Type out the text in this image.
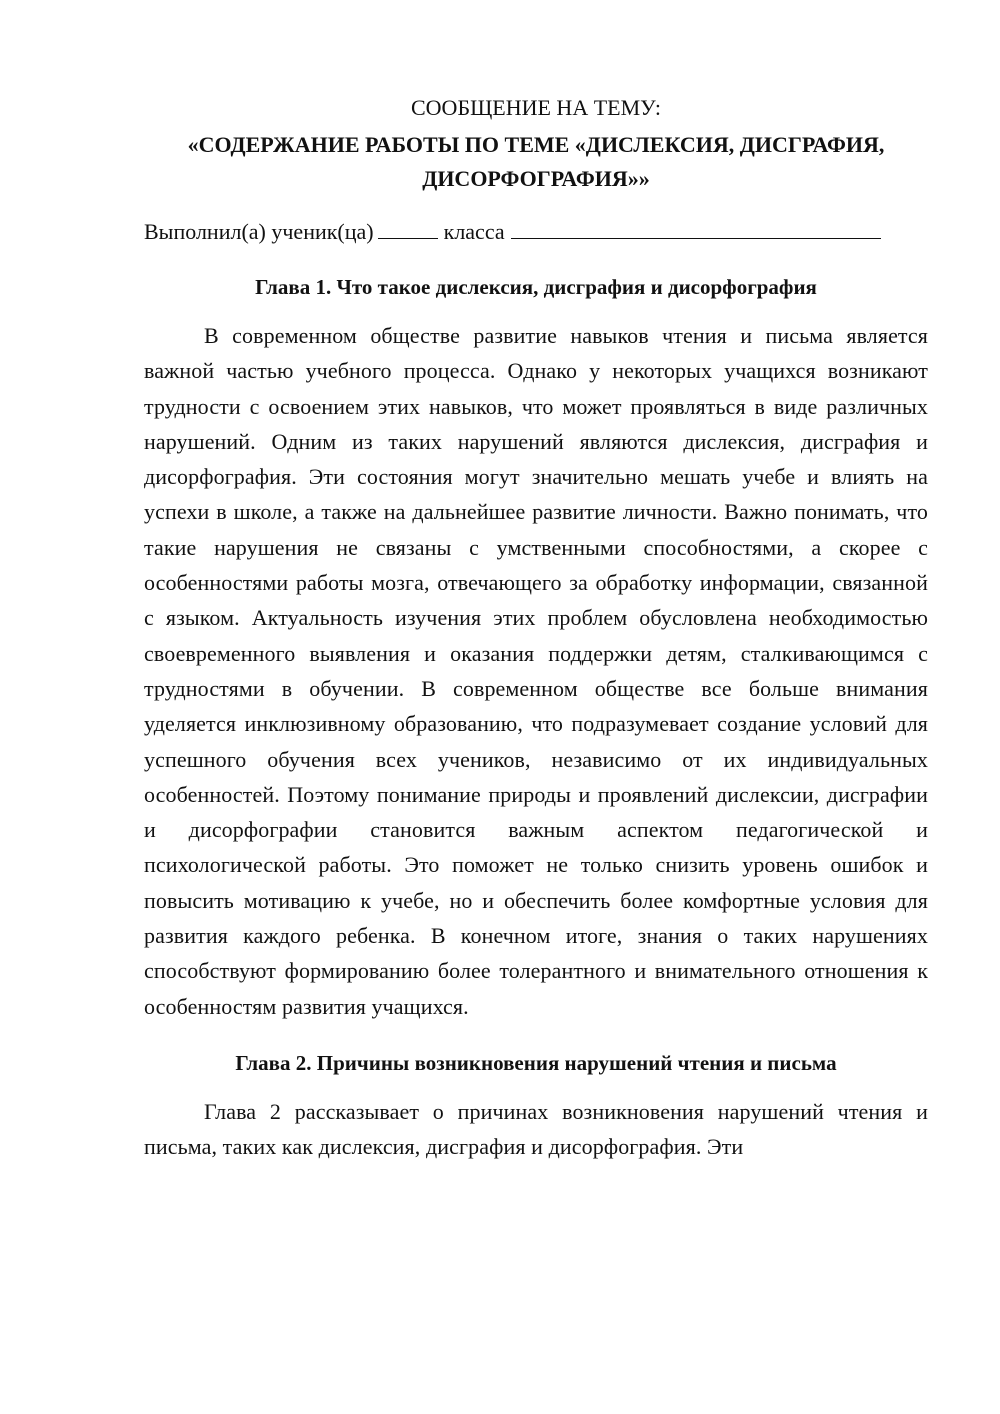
СООБЩЕНИЕ НА ТЕМУ:
«СОДЕРЖАНИЕ РАБОТЫ ПО ТЕМЕ «ДИСЛЕКСИЯ, ДИСГРАФИЯ, ДИСОРФОГРАФИЯ»»
Выполнил(а) ученик(ца)	класса
Глава 1. Что такое дислексия, дисграфия и дисорфография

В современном обществе развитие навыков чтения и письма является важной частью учебного процесса. Однако у некоторых учащихся возникают трудности с освоением этих навыков, что может проявляться в виде различных нарушений. Одним из таких нарушений являются дислексия, дисграфия и дисорфография. Эти состояния могут значительно мешать учебе и влиять на успехи в школе, а также на дальнейшее развитие личности. Важно понимать, что такие нарушения не связаны с умственными способностями, а скорее с особенностями работы мозга, отвечающего за обработку информации, связанной с языком. Актуальность изучения этих проблем обусловлена необходимостью своевременного выявления и оказания поддержки детям, сталкивающимся с трудностями в обучении. В современном обществе все больше внимания уделяется инклюзивному образованию, что подразумевает создание условий для успешного обучения всех учеников, независимо от их индивидуальных особенностей. Поэтому понимание природы и проявлений дислексии, дисграфии и дисорфографии становится важным аспектом педагогической и психологической работы. Это поможет не только снизить уровень ошибок и повысить мотивацию к учебе, но и обеспечить более комфортные условия для развития каждого ребенка. В конечном итоге, знания о таких нарушениях способствуют формированию более толерантного и внимательного отношения к особенностям развития учащихся.

Глава 2. Причины возникновения нарушений чтения и письма

Глава 2 рассказывает о причинах возникновения нарушений чтения и письма, таких как дислексия, дисграфия и дисорфография. Эти
